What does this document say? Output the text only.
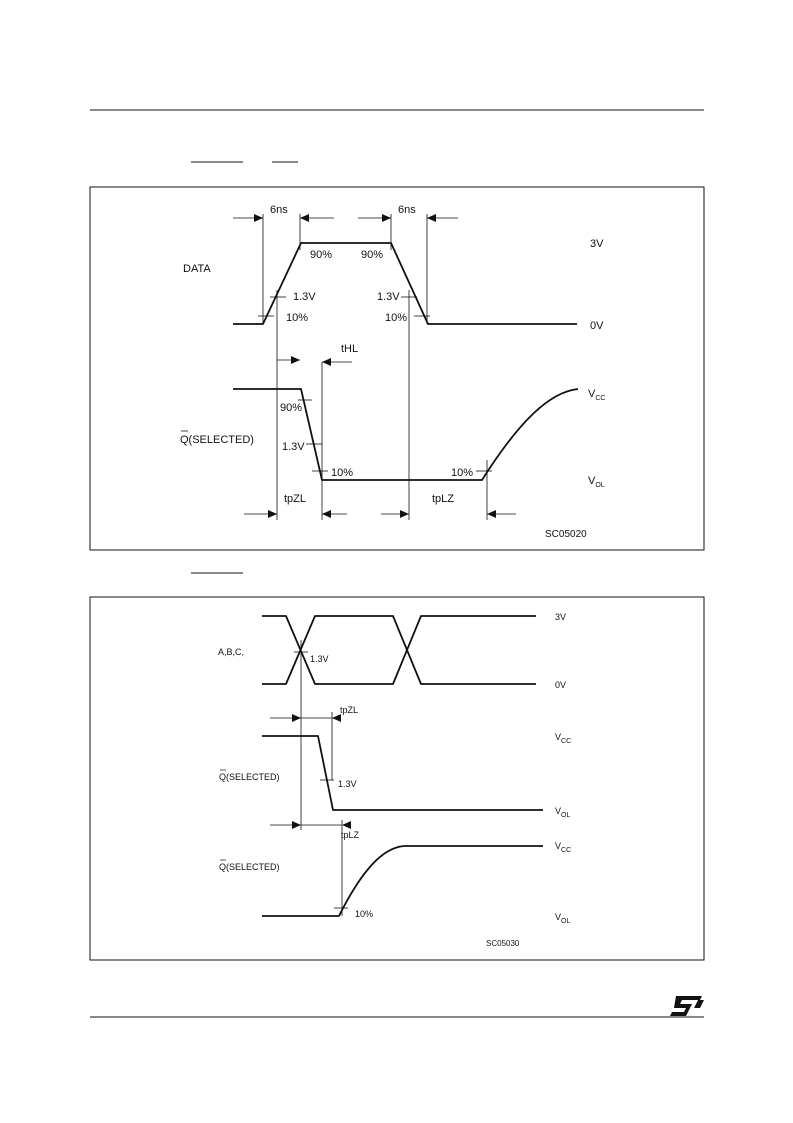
DATA
Q(SELECTED)
6ns	6ns
90%	90%
1.3V	1.3V
10%	10%
tHL
90%
1.3V
10%	10%
tpZL	tpLZ
3V
0V
$V_{CC}$
$V_{OL}$
SC05020
A,B,C,
Q(SELECTED)
Q(SELECTED)
1.3V
1.3V
10%
tpZL
tpLZ
3V
0V
$V_{CC}$
$V_{OL}$
$V_{CC}$
$V_{OL}$
SC05030
